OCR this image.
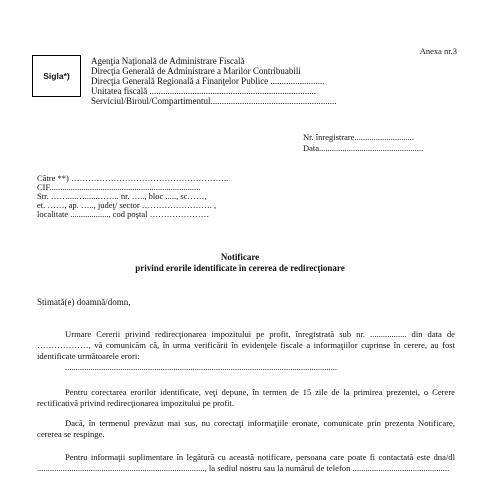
Anexa nr.3
Sigla*)
Agenţia Naţională de Administrare Fiscală
Direcţia Generală de Administrare a Marilor Contribuabili
Direcţia Generală Regională a Finanţelor Publice ........................
Unitatea fiscală ..........................................................................
Serviciul/Biroul/Compartimentul........................................................
Nr. înregistrare............................
Data.................................................
Către **) ………………………………………………..
CIF.......................................................................
Str. ……....…......…….. nr. ….., bloc ....., sc……,
et. ……, ap. ….., judeţ/ sector ……………………. ,
localitate .................., cod poştal …………………
Notificare
privind erorile identificate în cererea de redirecţionare
Stimată(e) doamnă/domn,
Urmare Cererii privind redirecţionarea impozitului pe profit, înregistrată sub nr. ................. din data de ………………, vă comunicăm că, în urma verificării în evidenţele fiscale a informaţiilor cuprinse în cerere, au fost identificate următoarele erori:
................................................................................................................................
Pentru corectarea erorilor identificate, veţi depune, în termen de 15 zile de la primirea prezentei, o Cerere rectificativă privind redirecţionarea impozitului pe profit.
Dacă, în termenul prevăzut mai sus, nu corectaţi informaţiile eronate, comunicate prin prezenta Notificare, cererea se respinge.
Pentru informaţii suplimentare în legătură cu această notificare, persoana care poate fi contactată este dna/dl .............................................................................., la sediul nostru sau la numărul de telefon .............................................
